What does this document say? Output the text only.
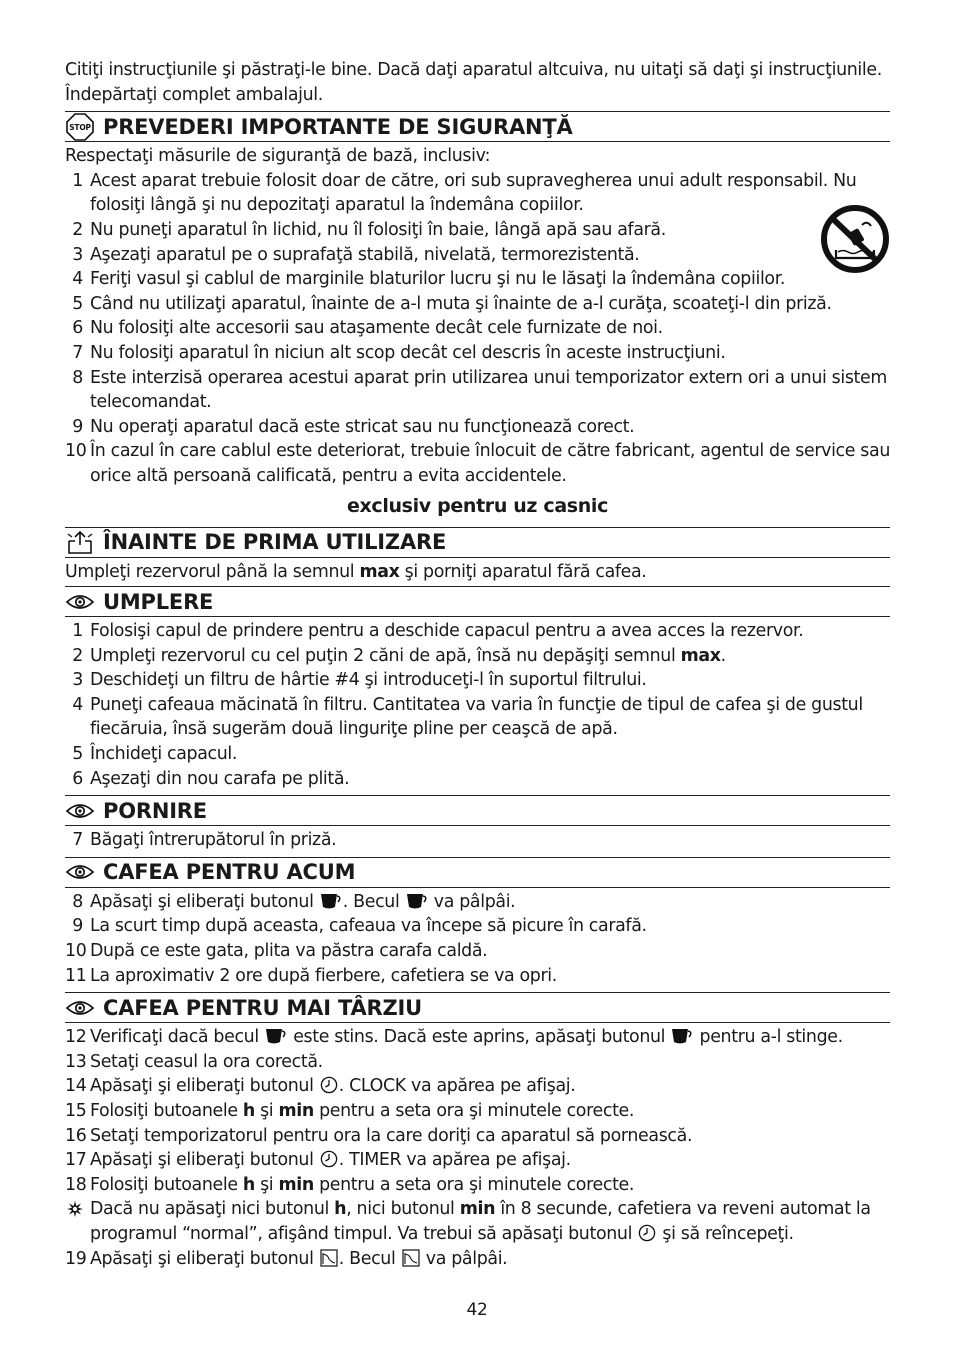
Citiţi instrucţiunile şi păstraţi-le bine. Dacă daţi aparatul altcuiva, nu uitaţi să daţi şi instrucţiunile.

Îndepărtaţi complet ambalajul.

STOP PREVEDERI IMPORTANTE DE SIGURANŢĂ

Respectaţi măsurile de siguranţă de bază, inclusiv:

1 Acest aparat trebuie folosit doar de către, ori sub supravegherea unui adult responsabil. Nu folosiţi lângă şi nu depozitaţi aparatul la îndemâna copiilor.
2 Nu puneţi aparatul în lichid, nu îl folosiţi în baie, lângă apă sau afară.
3 Aşezaţi aparatul pe o suprafaţă stabilă, nivelată, termorezistentă.
4 Feriţi vasul şi cablul de marginile blaturilor lucru şi nu le lăsaţi la îndemâna copiilor.
5 Când nu utilizaţi aparatul, înainte de a-l muta şi înainte de a-l curăţa, scoateţi-l din priză.
6 Nu folosiţi alte accesorii sau ataşamente decât cele furnizate de noi.
7 Nu folosiţi aparatul în niciun alt scop decât cel descris în aceste instrucţiuni.
8 Este interzisă operarea acestui aparat prin utilizarea unui temporizator extern ori a unui sistem telecomandat.
9 Nu operaţi aparatul dacă este stricat sau nu funcţionează corect.
10 În cazul în care cablul este deteriorat, trebuie înlocuit de către fabricant, agentul de service sau orice altă persoană calificată, pentru a evita accidentele.
exclusiv pentru uz casnic
ÎNAINTE DE PRIMA UTILIZARE

Umpleţi rezervorul până la semnul max şi porniţi aparatul fără cafea.

UMPLERE
1 Folosişi capul de prindere pentru a deschide capacul pentru a avea acces la rezervor.
2 Umpleţi rezervorul cu cel puţin 2 căni de apă, însă nu depăşiţi semnul max.
3 Deschideţi un filtru de hârtie #4 şi introduceţi-l în suportul filtrului.
4 Puneţi cafeaua măcinată în filtru. Cantitatea va varia în funcţie de tipul de cafea şi de gustul fiecăruia, însă sugerăm două linguriţe pline per ceaşcă de apă.
5 Închideţi capacul.
6 Aşezaţi din nou carafa pe plită.
PORNIRE
7 Băgaţi întrerupătorul în priză.
CAFEA PENTRU ACUM
8 Apăsaţi şi eliberaţi butonul . Becul  va pâlpâi.
9 La scurt timp după aceasta, cafeaua va începe să picure în carafă.
10 După ce este gata, plita va păstra carafa caldă.
11 La aproximativ 2 ore după fierbere, cafetiera se va opri.
CAFEA PENTRU MAI TÂRZIU
12 Verificaţi dacă becul  este stins. Dacă este aprins, apăsaţi butonul  pentru a-l stinge.
13 Setaţi ceasul la ora corectă.
14 Apăsaţi şi eliberaţi butonul . CLOCK va apărea pe afişaj.
15 Folosiţi butoanele h şi min pentru a seta ora şi minutele corecte.
16 Setaţi temporizatorul pentru ora la care doriţi ca aparatul să pornească.
17 Apăsaţi şi eliberaţi butonul . TIMER va apărea pe afişaj.
18 Folosiţi butoanele h şi min pentru a seta ora şi minutele corecte.
Dacă nu apăsaţi nici butonul h, nici butonul min în 8 secunde, cafetiera va reveni automat la programul “normal”, afişând timpul. Va trebui să apăsaţi butonul  şi să reîncepeţi.
19 Apăsaţi şi eliberaţi butonul . Becul  va pâlpâi.
42
